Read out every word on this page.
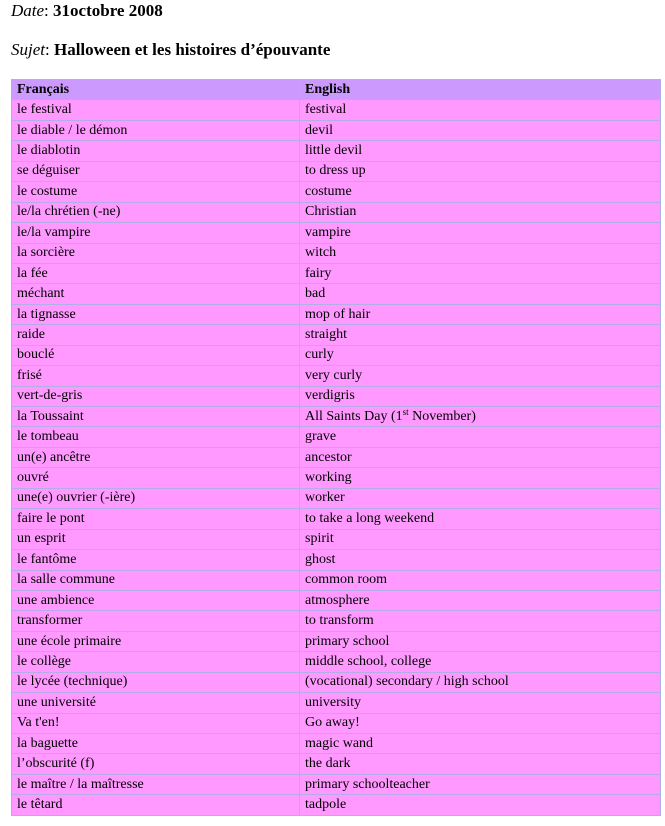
Date: 31octobre 2008
Sujet: Halloween et les histoires d’épouvante
Français	English
le festival	festival
le diable / le démon	devil
le diablotin	little devil
se déguiser	to dress up
le costume	costume
le/la chrétien (-ne)	Christian
le/la vampire	vampire
la sorcière	witch
la fée	fairy
méchant	bad
la tignasse	mop of hair
raide	straight
bouclé	curly
frisé	very curly
vert-de-gris	verdigris
la Toussaint	All Saints Day (1st November)
le tombeau	grave
un(e) ancêtre	ancestor
ouvré	working
une(e) ouvrier (-ière)	worker
faire le pont	to take a long weekend
un esprit	spirit
le fantôme	ghost
la salle commune	common room
une ambience	atmosphere
transformer	to transform
une école primaire	primary school
le collège	middle school, college
le lycée (technique)	(vocational) secondary / high school
une université	university
Va t'en!	Go away!
la baguette	magic wand
l’obscurité (f)	the dark
le maître / la maîtresse	primary schoolteacher
le têtard	tadpole
